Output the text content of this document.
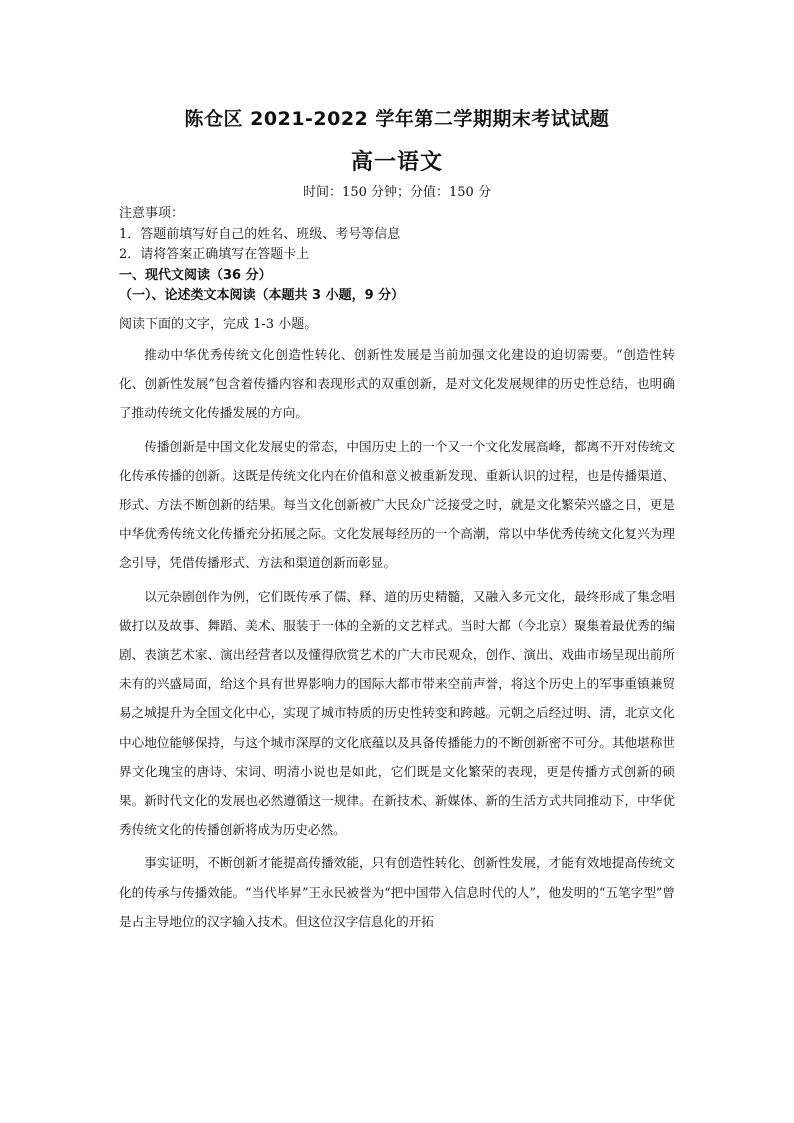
陈仓区 2021-2022 学年第二学期期末考试试题
高一语文
时间：150 分钟；分值：150 分
注意事项：
1．答题前填写好自己的姓名、班级、考号等信息
2．请将答案正确填写在答题卡上
一、现代文阅读（36 分）
（一）、论述类文本阅读（本题共 3 小题，9 分）
阅读下面的文字，完成 1-3 小题。

推动中华优秀传统文化创造性转化、创新性发展是当前加强文化建设的迫切需要。“创造性转化、创新性发展”包含着传播内容和表现形式的双重创新，是对文化发展规律的历史性总结，也明确了推动传统文化传播发展的方向。

传播创新是中国文化发展史的常态，中国历史上的一个又一个文化发展高峰，都离不开对传统文化传承传播的创新。这既是传统文化内在价值和意义被重新发现、重新认识的过程，也是传播渠道、形式、方法不断创新的结果。每当文化创新被广大民众广泛接受之时，就是文化繁荣兴盛之日，更是中华优秀传统文化传播充分拓展之际。文化发展每经历的一个高潮，常以中华优秀传统文化复兴为理念引导，凭借传播形式、方法和渠道创新而彰显。

以元杂剧创作为例，它们既传承了儒、释、道的历史精髓，又融入多元文化，最终形成了集念唱做打以及故事、舞蹈、美术、服装于一体的全新的文艺样式。当时大都（今北京）聚集着最优秀的编剧、表演艺术家、演出经营者以及懂得欣赏艺术的广大市民观众，创作、演出、戏曲市场呈现出前所未有的兴盛局面，给这个具有世界影响力的国际大都市带来空前声誉，将这个历史上的军事重镇兼贸易之城提升为全国文化中心，实现了城市特质的历史性转变和跨越。元朝之后经过明、清，北京文化中心地位能够保持，与这个城市深厚的文化底蕴以及具备传播能力的不断创新密不可分。其他堪称世界文化瑰宝的唐诗、宋词、明清小说也是如此，它们既是文化繁荣的表现，更是传播方式创新的硕果。新时代文化的发展也必然遵循这一规律。在新技术、新媒体、新的生活方式共同推动下，中华优秀传统文化的传播创新将成为历史必然。

事实证明，不断创新才能提高传播效能，只有创造性转化、创新性发展，才能有效地提高传统文化的传承与传播效能。“当代毕昇”王永民被誉为“把中国带入信息时代的人”，他发明的“五笔字型”曾是占主导地位的汉字输入技术。但这位汉字信息化的开拓
